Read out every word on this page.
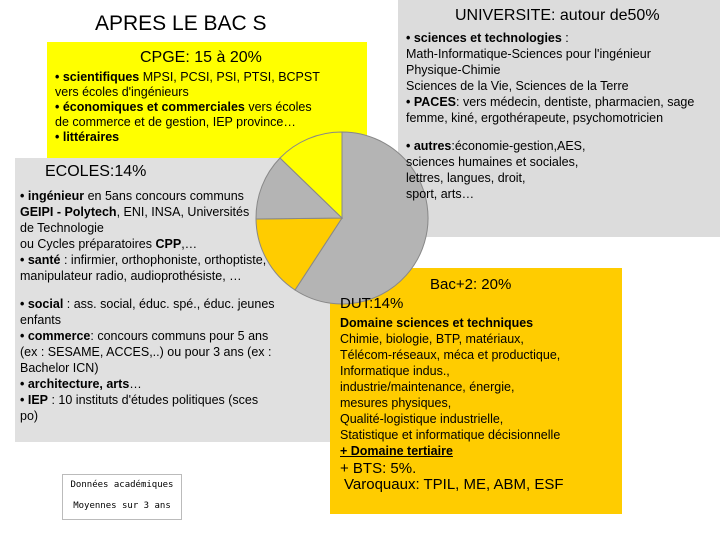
APRES LE BAC S	UNIVERSITE: autour de50%
• sciences et technologies :
Math-Informatique-Sciences pour l'ingénieur
Physique-Chimie
Sciences de la Vie, Sciences de la Terre
• PACES: vers médecin, dentiste, pharmacien, sage
femme, kiné, ergothérapeute, psychomotricien
• autres:économie-gestion,AES,
sciences humaines et sociales,
lettres, langues, droit,
sport, arts…
CPGE: 15 à 20%
• scientifiques MPSI, PCSI, PSI, PTSI, BCPST
vers écoles d'ingénieurs
• économiques et commerciales vers écoles
de commerce et de gestion, IEP province…
• littéraires
ECOLES:14%
• ingénieur en 5ans concours communs
GEIPI - Polytech, ENI, INSA, Universités
de Technologie
ou Cycles préparatoires CPP,…
• santé : infirmier, orthophoniste, orthoptiste,
manipulateur radio, audioprothésiste, …
• social : ass. social, éduc. spé., éduc. jeunes
enfants
• commerce: concours communs pour 5 ans
(ex : SESAME, ACCES,..) ou pour 3 ans (ex :
Bachelor ICN)
• architecture, arts…
• IEP : 10 instituts d'études politiques (sces
po)
Bac+2: 20%
DUT:14%
Domaine sciences et techniques
Chimie, biologie, BTP, matériaux,
Télécom-réseaux, méca et productique,
Informatique indus.,
industrie/maintenance, énergie,
mesures physiques,
Qualité-logistique industrielle,
Statistique et informatique décisionnelle
+ Domaine tertiaire
+ BTS: 5%.
Varoquaux: TPIL, ME, ABM, ESF
Données académiques
Moyennes sur 3 ans
